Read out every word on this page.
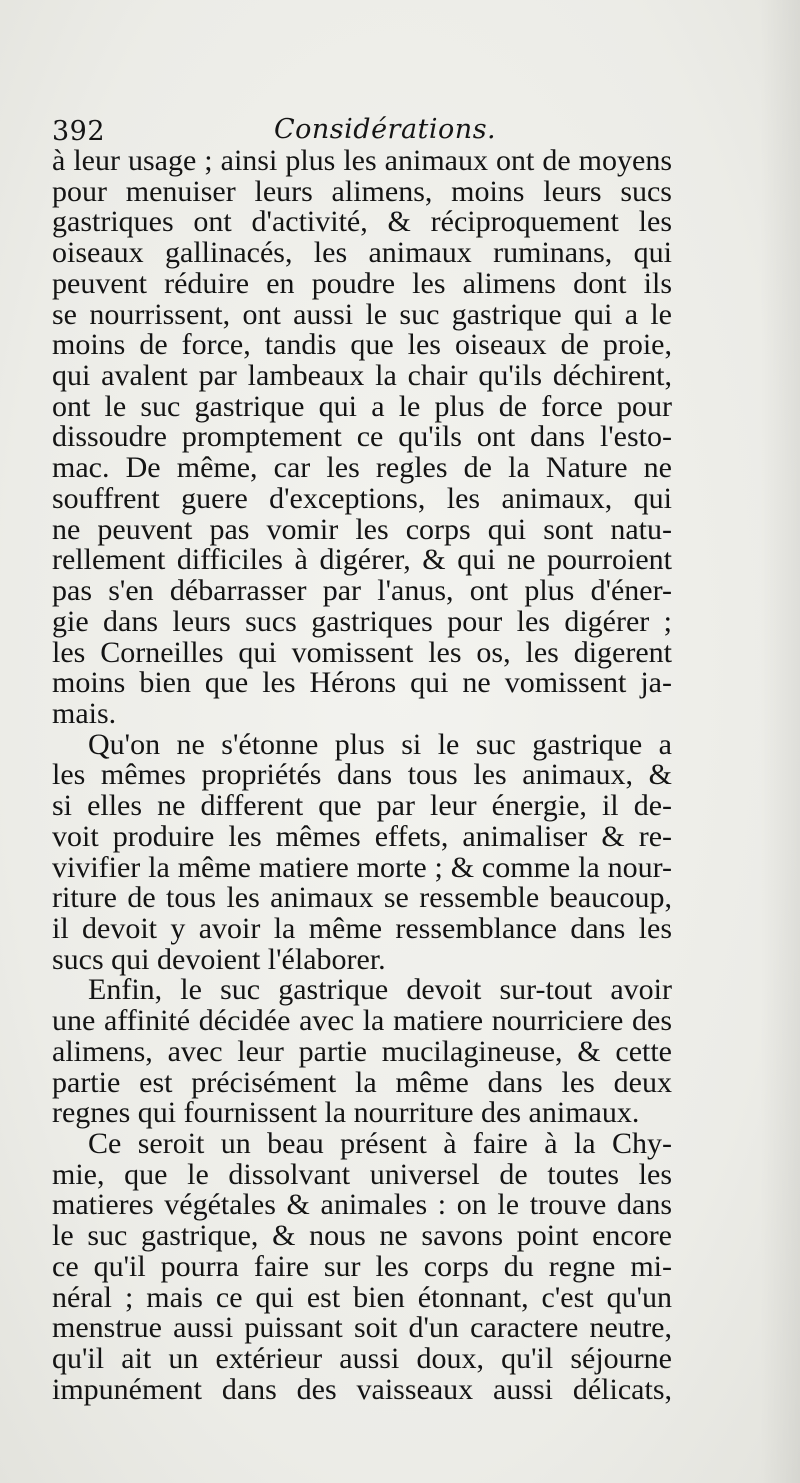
392	Considérations.
à leur usage ; ainsi plus les animaux ont de moyens
pour menuiser leurs alimens, moins leurs sucs
gastriques ont d'activité, & réciproquement les
oiseaux gallinacés, les animaux ruminans, qui
peuvent réduire en poudre les alimens dont ils
se nourrissent, ont aussi le suc gastrique qui a le
moins de force, tandis que les oiseaux de proie,
qui avalent par lambeaux la chair qu'ils déchirent,
ont le suc gastrique qui a le plus de force pour
dissoudre promptement ce qu'ils ont dans l'esto-
mac. De même, car les regles de la Nature ne
souffrent guere d'exceptions, les animaux, qui
ne peuvent pas vomir les corps qui sont natu-
rellement difficiles à digérer, & qui ne pourroient
pas s'en débarrasser par l'anus, ont plus d'éner-
gie dans leurs sucs gastriques pour les digérer ;
les Corneilles qui vomissent les os, les digerent
moins bien que les Hérons qui ne vomissent ja-
mais.
Qu'on ne s'étonne plus si le suc gastrique a
les mêmes propriétés dans tous les animaux, &
si elles ne different que par leur énergie, il de-
voit produire les mêmes effets, animaliser & re-
vivifier la même matiere morte ; & comme la nour-
riture de tous les animaux se ressemble beaucoup,
il devoit y avoir la même ressemblance dans les
sucs qui devoient l'élaborer.
Enfin, le suc gastrique devoit sur-tout avoir
une affinité décidée avec la matiere nourriciere des
alimens, avec leur partie mucilagineuse, & cette
partie est précisément la même dans les deux
regnes qui fournissent la nourriture des animaux.
Ce seroit un beau présent à faire à la Chy-
mie, que le dissolvant universel de toutes les
matieres végétales & animales : on le trouve dans
le suc gastrique, & nous ne savons point encore
ce qu'il pourra faire sur les corps du regne mi-
néral ; mais ce qui est bien étonnant, c'est qu'un
menstrue aussi puissant soit d'un caractere neutre,
qu'il ait un extérieur aussi doux, qu'il séjourne
impunément dans des vaisseaux aussi délicats,
